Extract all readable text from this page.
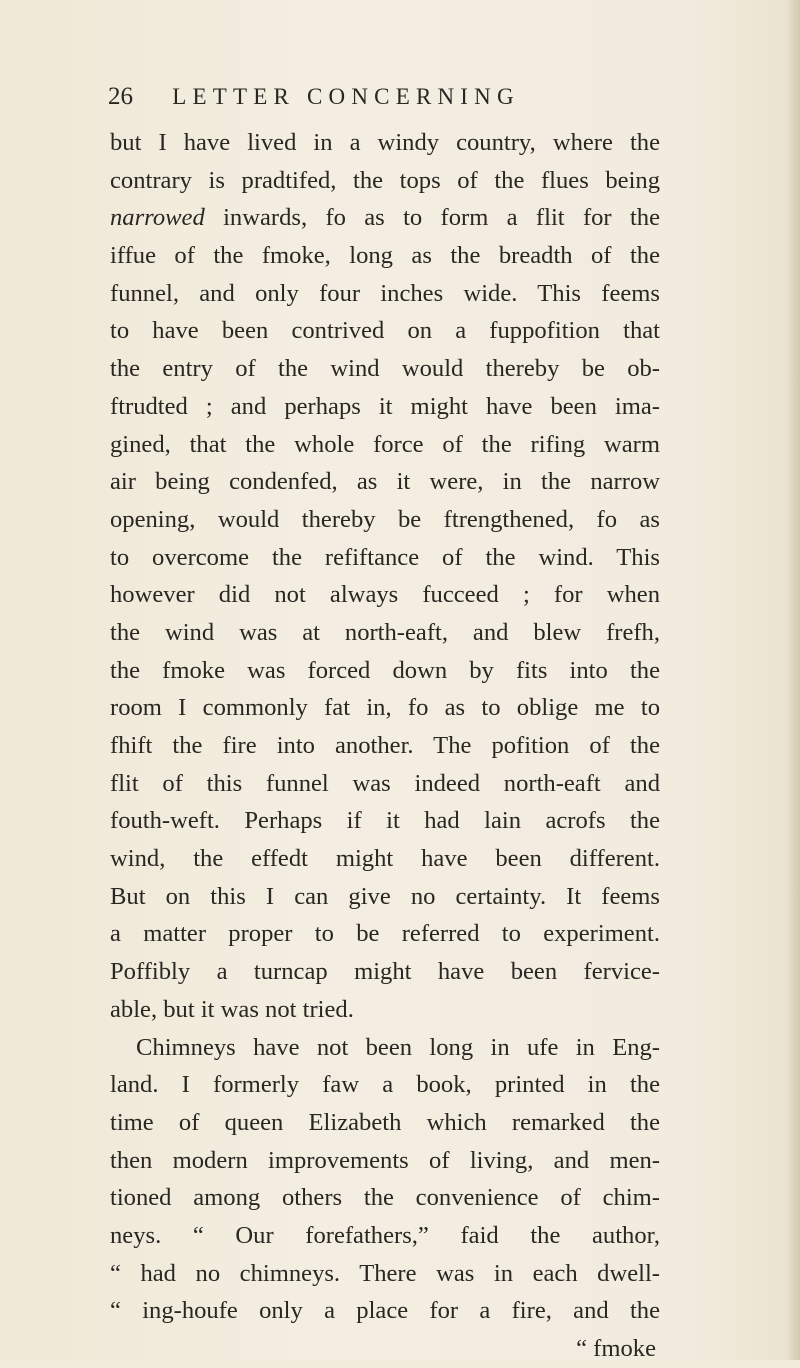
26 LETTER CONCERNING
but I have lived in a windy country, where the
contrary is pradtifed, the tops of the flues being
narrowed inwards, fo as to form a flit for the
iffue of the fmoke, long as the breadth of the
funnel, and only four inches wide. This feems
to have been contrived on a fuppofition that
the entry of the wind would thereby be ob-
ftrudted ; and perhaps it might have been ima-
gined, that the whole force of the rifing warm
air being condenfed, as it were, in the narrow
opening, would thereby be ftrengthened, fo as
to overcome the refiftance of the wind. This
however did not always fucceed ; for when
the wind was at north-eaft, and blew frefh,
the fmoke was forced down by fits into the
room I commonly fat in, fo as to oblige me to
fhift the fire into another. The pofition of the
flit of this funnel was indeed north-eaft and
fouth-weft. Perhaps if it had lain acrofs the
wind, the effedt might have been different.
But on this I can give no certainty. It feems
a matter proper to be referred to experiment.
Poffibly a turncap might have been fervice-
able, but it was not tried.
Chimneys have not been long in ufe in Eng-
land. I formerly faw a book, printed in the
time of queen Elizabeth which remarked the
then modern improvements of living, and men-
tioned among others the convenience of chim-
neys. “ Our forefathers,” faid the author,
“ had no chimneys. There was in each dwell-
“ ing-houfe only a place for a fire, and the
“ fmoke
